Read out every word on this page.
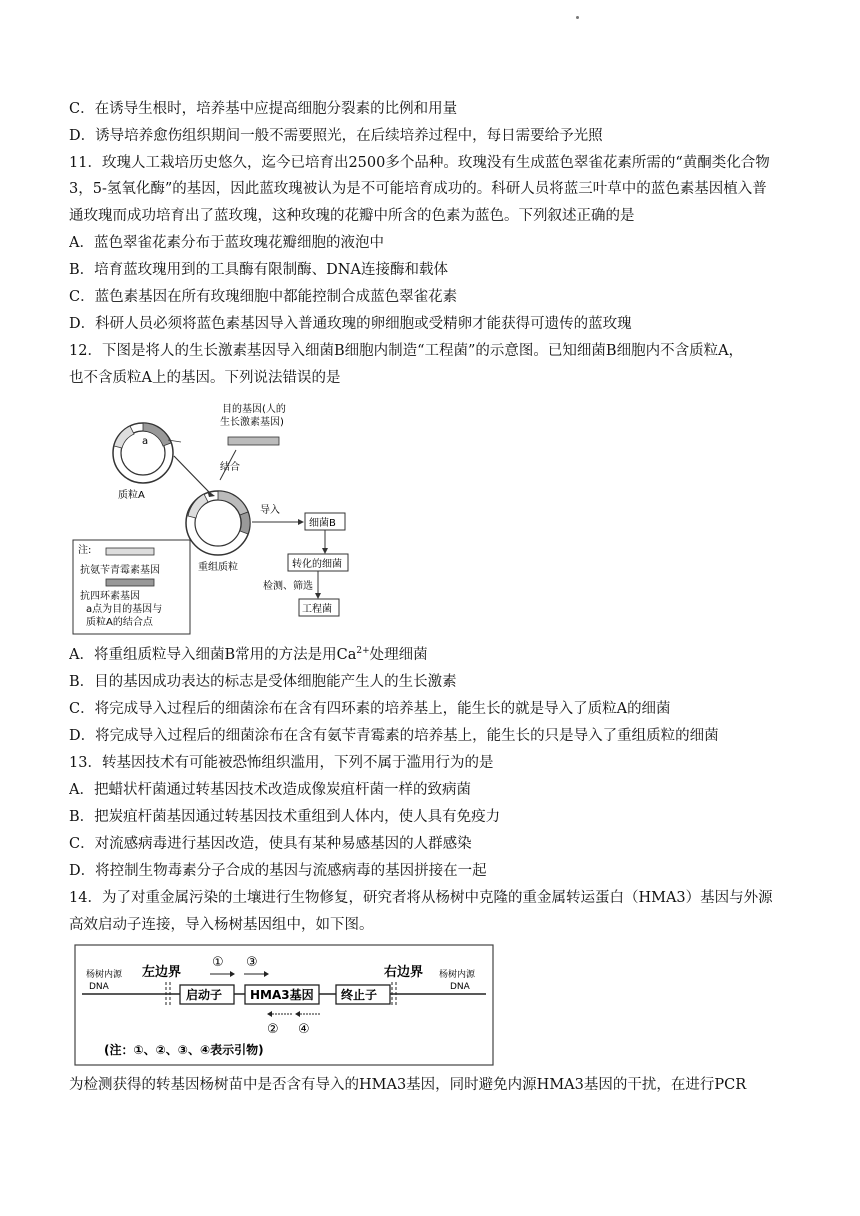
C．在诱导生根时，培养基中应提高细胞分裂素的比例和用量
D．诱导培养愈伤组织期间一般不需要照光，在后续培养过程中，每日需要给予光照
11．玫瑰人工栽培历史悠久，迄今已培育出2500多个品种。玫瑰没有生成蓝色翠雀花素所需的“黄酮类化合物
3，5-氢氧化酶”的基因，因此蓝玫瑰被认为是不可能培育成功的。科研人员将蓝三叶草中的蓝色素基因植入普
通玫瑰而成功培育出了蓝玫瑰，这种玫瑰的花瓣中所含的色素为蓝色。下列叙述正确的是
A．蓝色翠雀花素分布于蓝玫瑰花瓣细胞的液泡中
B．培育蓝玫瑰用到的工具酶有限制酶、DNA连接酶和载体
C．蓝色素基因在所有玫瑰细胞中都能控制合成蓝色翠雀花素
D．科研人员必须将蓝色素基因导入普通玫瑰的卵细胞或受精卵才能获得可遗传的蓝玫瑰
12．下图是将人的生长激素基因导入细菌B细胞内制造“工程菌”的示意图。已知细菌B细胞内不含质粒A，
也不含质粒A上的基因。下列说法错误的是
a
质粒A
目的基因(人的
生长激素基因)
结合
重组质粒
导入
细菌B
转化的细菌
检测、筛选
工程菌
注:
抗氨苄青霉素基因
抗四环素基因
a点为目的基因与
质粒A的结合点
A．将重组质粒导入细菌B常用的方法是用$Ca^{2+}$处理细菌
B．目的基因成功表达的标志是受体细胞能产生人的生长激素
C．将完成导入过程后的细菌涂布在含有四环素的培养基上，能生长的就是导入了质粒A的细菌
D．将完成导入过程后的细菌涂布在含有氨苄青霉素的培养基上，能生长的只是导入了重组质粒的细菌
13．转基因技术有可能被恐怖组织滥用，下列不属于滥用行为的是
A．把蜡状杆菌通过转基因技术改造成像炭疽杆菌一样的致病菌
B．把炭疽杆菌基因通过转基因技术重组到人体内，使人具有免疫力
C．对流感病毒进行基因改造，使具有某种易感基因的人群感染
D．将控制生物毒素分子合成的基因与流感病毒的基因拼接在一起
14．为了对重金属污染的土壤进行生物修复，研究者将从杨树中克隆的重金属转运蛋白（HMA3）基因与外源
高效启动子连接，导入杨树基因组中，如下图。
杨树内源
DNA
左边界	右边界 杨树内源
DNA
启动子 HMA3基因 终止子
① ③
② ④
(注：①、②、③、④表示引物)
为检测获得的转基因杨树苗中是否含有导入的HMA3基因，同时避免内源HMA3基因的干扰，在进行PCR
